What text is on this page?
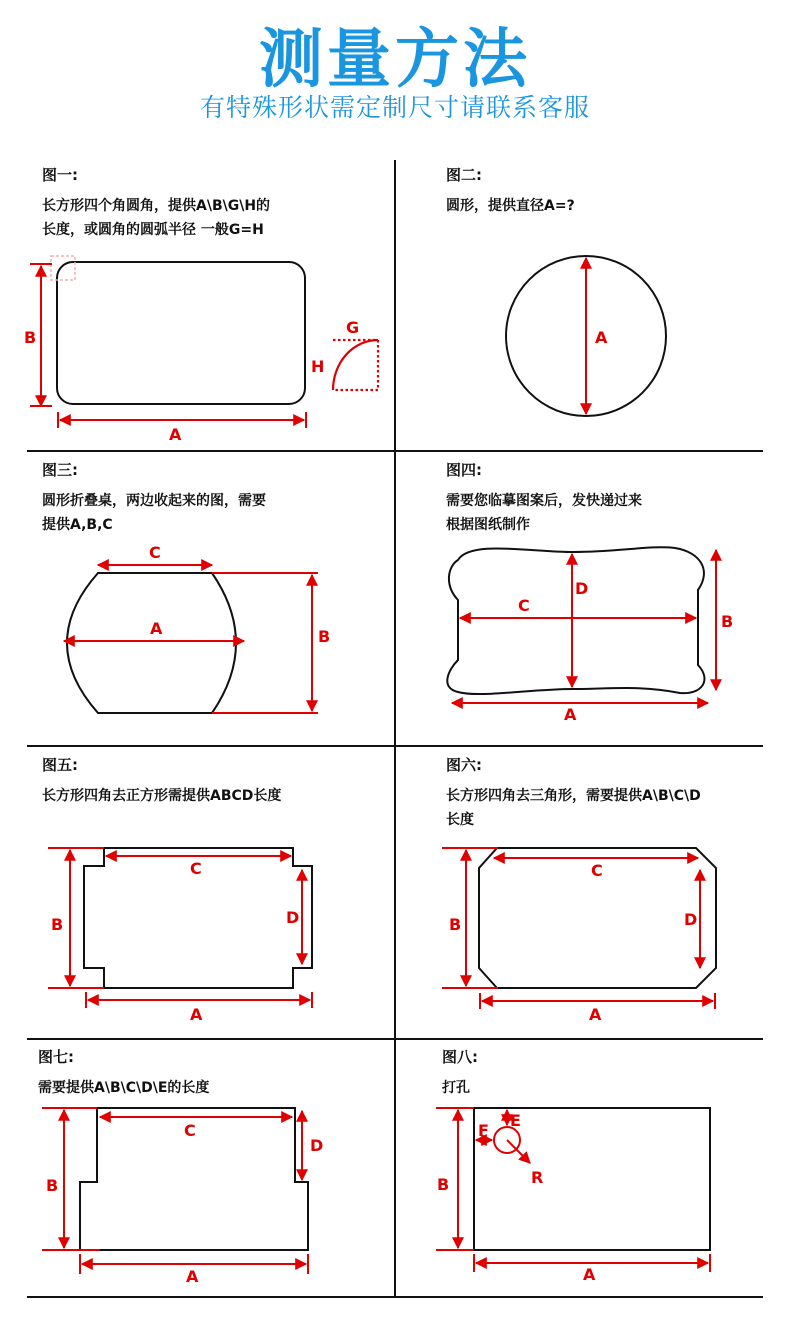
测量方法
有特殊形状需定制尺寸请联系客服
图一:
长方形四个角圆角，提供A\B\G\H的
长度，或圆角的圆弧半径 一般G=H
图二:
圆形，提供直径A=?
图三:
圆形折叠桌，两边收起来的图，需要
提供A,B,C
图四:
需要您临摹图案后，发快递过来
根据图纸制作
图五:
长方形四角去正方形需提供ABCD长度
图六:
长方形四角去三角形，需要提供A\B\C\D
长度
图七:
需要提供A\B\C\D\E的长度
图八:
打孔
B
A
G
H
A
C
A	B
C
D
B
A
B
C
D
A
B
C
D
A
C
D
B
A
E
F
R
B
A
